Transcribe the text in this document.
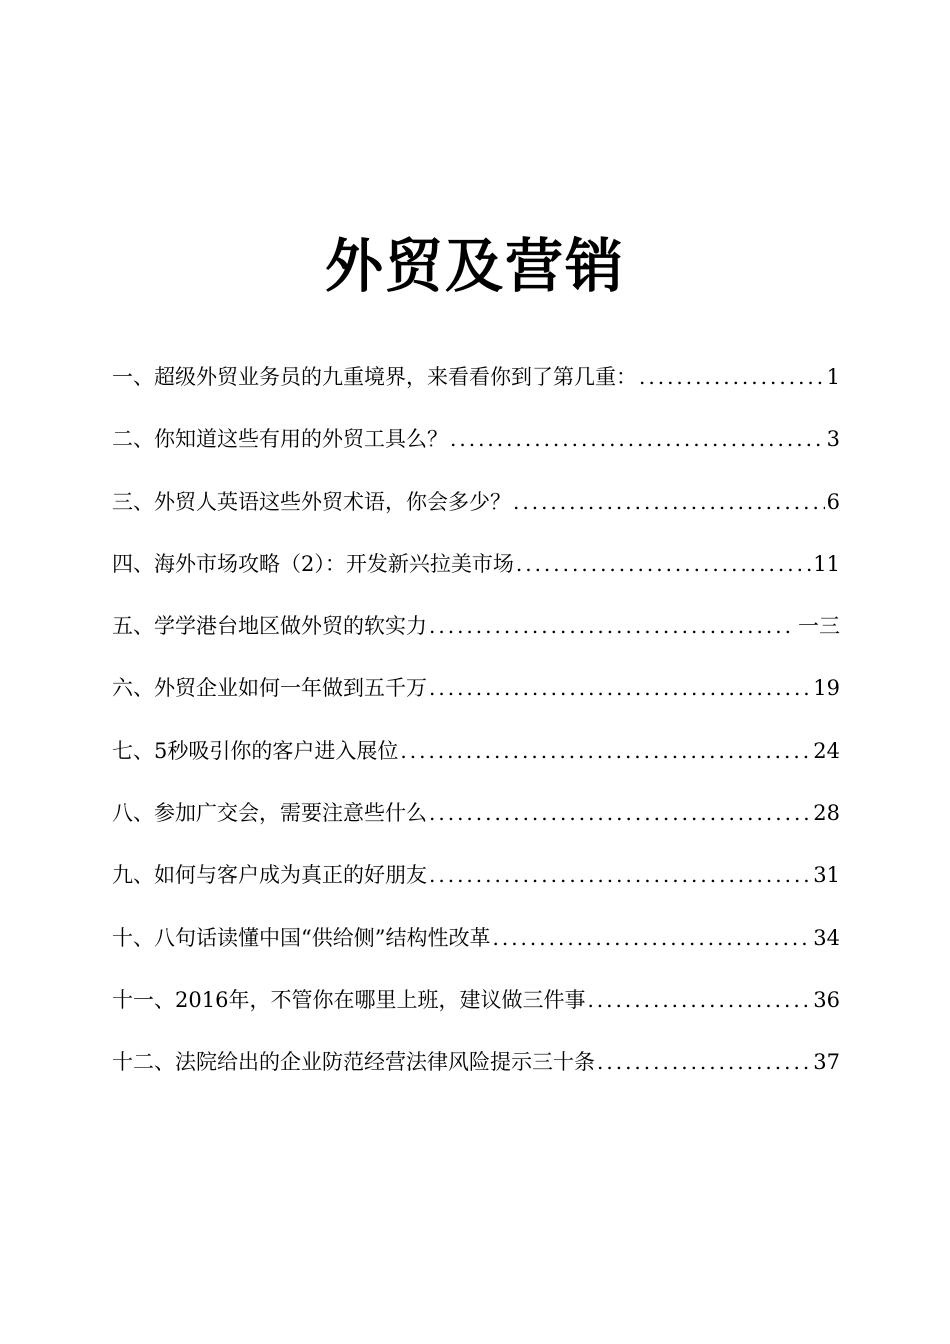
外贸及营销
一、超级外贸业务员的九重境界，来看看你到了第几重： .....	1
二、你知道这些有用的外贸工具么？ .....	3
三、外贸人英语这些外贸术语，你会多少？ .....	6
四、海外市场攻略（2）：开发新兴拉美市场 .....	11
五、学学港台地区做外贸的软实力 .....	一三
六、外贸企业如何一年做到五千万 .....	19
七、5秒吸引你的客户进入展位 .....	24
八、参加广交会，需要注意些什么 .....	28
九、如何与客户成为真正的好朋友 .....	31
十、八句话读懂中国“供给侧”结构性改革 .....	34
十一、2016年，不管你在哪里上班，建议做三件事 .....	36
十二、法院给出的企业防范经营法律风险提示三十条 .....	37
